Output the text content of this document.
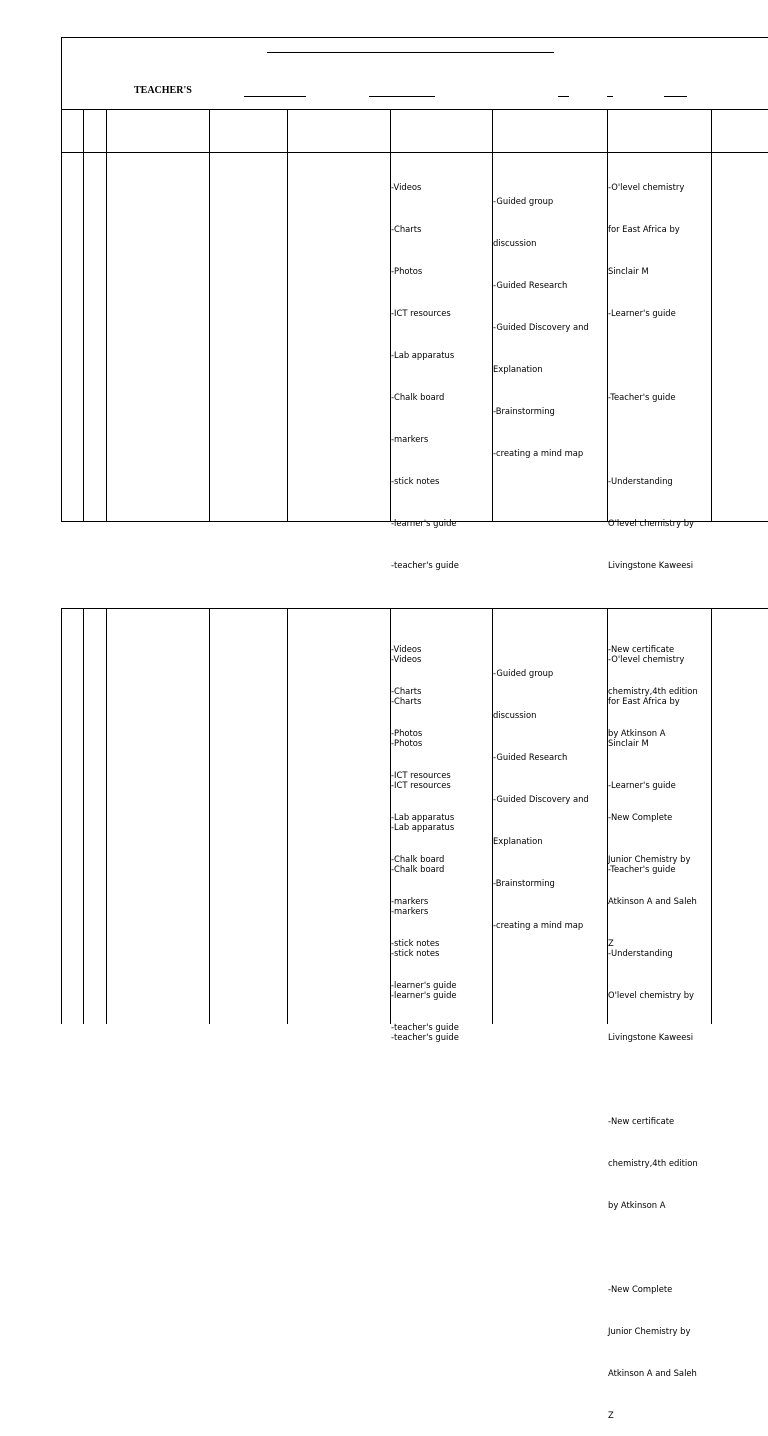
TEACHER'S

-Videos

-Charts

-Photos

-ICT resources

-Lab apparatus

-Chalk board

-markers

-stick notes

-learner's guide

-teacher's guide

-Videos

-Charts

-Photos

-ICT resources

-Lab apparatus

-Chalk board

-markers

-stick notes

-learner's guide

-teacher's guide

-Guided group

discussion

-Guided Research

-Guided Discovery and

Explanation

-Brainstorming

-creating a mind map

-O'level chemistry

for East Africa by

Sinclair M

-Learner's guide

-Teacher's guide

-Understanding

O'level chemistry by

Livingstone Kaweesi

-New certificate

chemistry,4th edition

by Atkinson A

-New Complete

Junior Chemistry by

Atkinson A and Saleh

Z

-Videos

-Charts

-Photos

-ICT resources

-Lab apparatus

-Chalk board

-markers

-stick notes

-learner's guide

-teacher's guide

-Guided group

discussion

-Guided Research

-Guided Discovery and

Explanation

-Brainstorming

-creating a mind map

-O'level chemistry

for East Africa by

Sinclair M

-Learner's guide

-Teacher's guide

-Understanding

O'level chemistry by

Livingstone Kaweesi

-New certificate

chemistry,4th edition

by Atkinson A

-New Complete

Junior Chemistry by

Atkinson A and Saleh

Z
